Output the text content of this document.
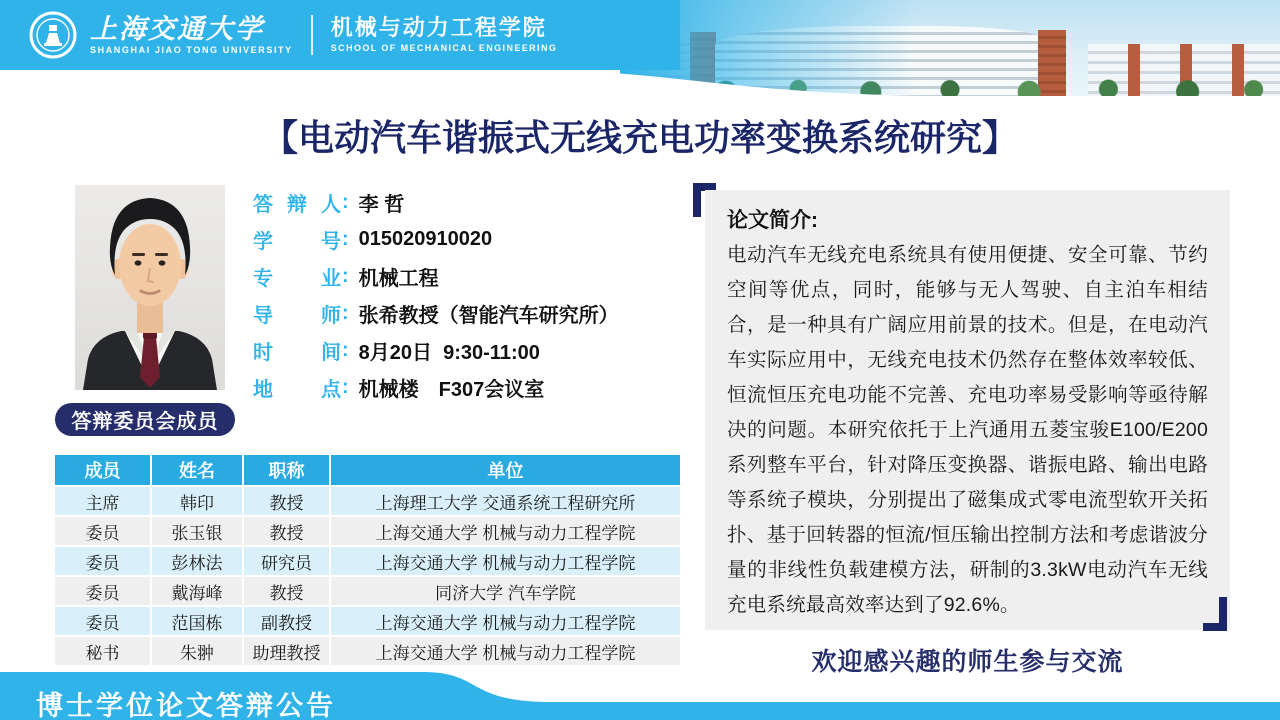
上海交通大学
SHANGHAI JIAO TONG UNIVERSITY
机械与动力工程学院
SCHOOL OF MECHANICAL ENGINEERING
【电动汽车谐振式无线充电功率变换系统研究】
答辩人 : 李 哲
学号 : 015020910020
专业 : 机械工程
导师 : 张希教授（智能汽车研究所）
时间 : 8月20日  9:30-11:00
地点 : 机械楼　F307会议室
答辩委员会成员
成员	姓名	职称	单位
主席	韩印	教授	上海理工大学 交通系统工程研究所
委员	张玉银	教授	上海交通大学 机械与动力工程学院
委员	彭林法	研究员	上海交通大学 机械与动力工程学院
委员	戴海峰	教授	同济大学 汽车学院
委员	范国栋	副教授	上海交通大学 机械与动力工程学院
秘书	朱翀	助理教授	上海交通大学 机械与动力工程学院
论文简介:
电动汽车无线充电系统具有使用便捷、安全可靠、节约空间等优点，同时，能够与无人驾驶、自主泊车相结合，是一种具有广阔应用前景的技术。但是，在电动汽车实际应用中，无线充电技术仍然存在整体效率较低、恒流恒压充电功能不完善、充电功率易受影响等亟待解决的问题。本研究依托于上汽通用五菱宝骏E100/E200系列整车平台，针对降压变换器、谐振电路、输出电路等系统子模块，分别提出了磁集成式零电流型软开关拓扑、基于回转器的恒流/恒压输出控制方法和考虑谐波分量的非线性负载建模方法，研制的3.3kW电动汽车无线充电系统最高效率达到了92.6%。
欢迎感兴趣的师生参与交流
博士学位论文答辩公告
